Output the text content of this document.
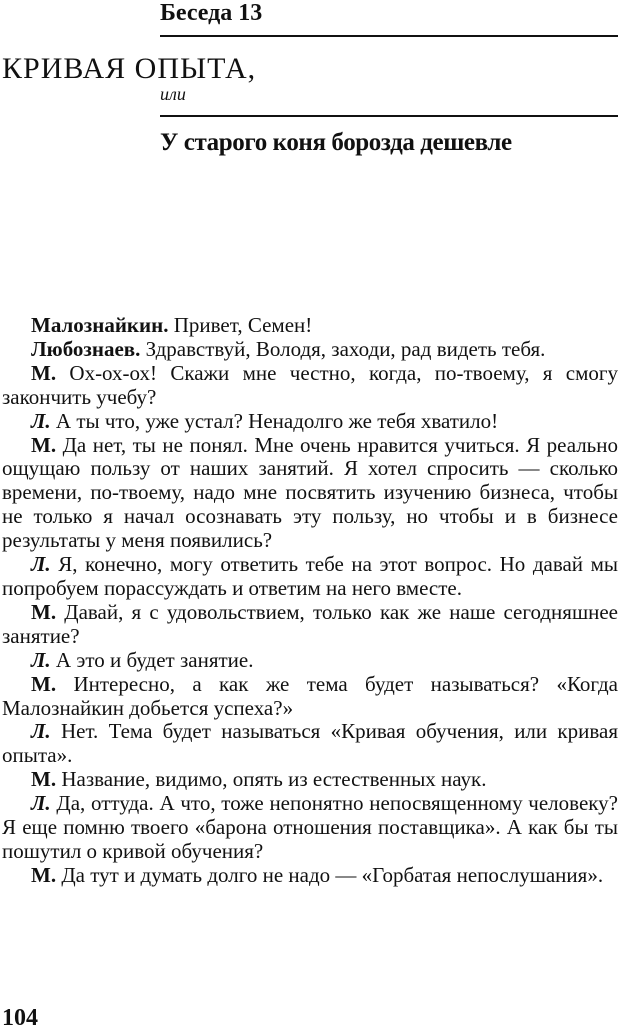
Беседа 13
КРИВАЯ ОПЫТА,
или
У старого коня борозда дешевле

Малознайкин. Привет, Семен!

Любознаев. Здравствуй, Володя, заходи, рад видеть тебя.

М. Ох-ох-ох! Скажи мне честно, когда, по-твоему, я смогу закончить учебу?

Л. А ты что, уже устал? Ненадолго же тебя хватило!

М. Да нет, ты не понял. Мне очень нравится учиться. Я реально ощущаю пользу от наших занятий. Я хотел спросить — сколько времени, по-твоему, надо мне посвятить изучению бизнеса, чтобы не только я начал осознавать эту пользу, но чтобы и в бизнесе результаты у меня появились?

Л. Я, конечно, могу ответить тебе на этот вопрос. Но давай мы попробуем порассуждать и ответим на него вместе.

М. Давай, я с удовольствием, только как же наше сегодняшнее занятие?

Л. А это и будет занятие.

М. Интересно, а как же тема будет называться? «Когда Малознайкин добьется успеха?»

Л. Нет. Тема будет называться «Кривая обучения, или кривая опыта».

М. Название, видимо, опять из естественных наук.

Л. Да, оттуда. А что, тоже непонятно непосвященному человеку? Я еще помню твоего «барона отношения поставщика». А как бы ты пошутил о кривой обучения?

М. Да тут и думать долго не надо — «Горбатая непослушания».

104
